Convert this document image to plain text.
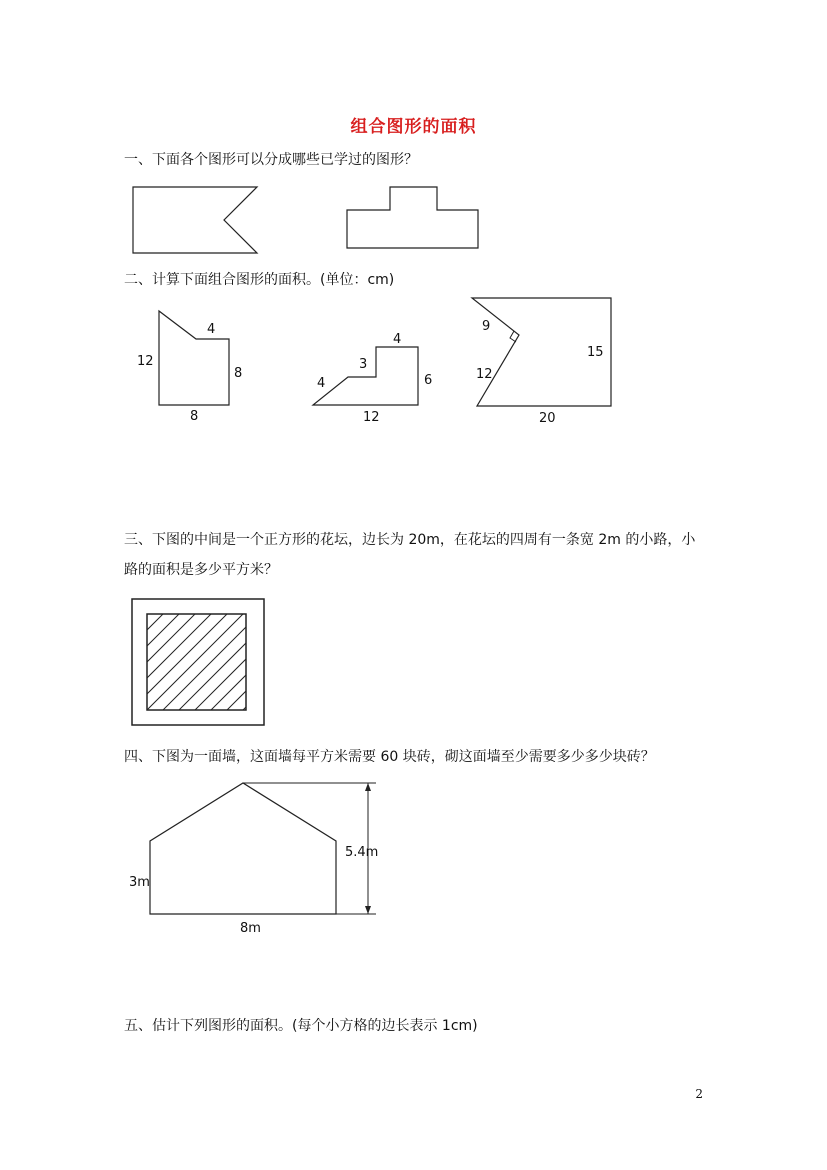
组合图形的面积
一、下面各个图形可以分成哪些已学过的图形？
二、计算下面组合图形的面积。(单位：cm)
12
4
8
8
4
3
4
6
12
9
12
15
20
三、下图的中间是一个正方形的花坛，边长为 20m，在花坛的四周有一条宽 2m 的小路，小
路的面积是多少平方米？
四、下图为一面墙，这面墙每平方米需要 60 块砖，砌这面墙至少需要多少多少块砖？
5.4m
3m
8m
五、估计下列图形的面积。(每个小方格的边长表示 1cm)
2
